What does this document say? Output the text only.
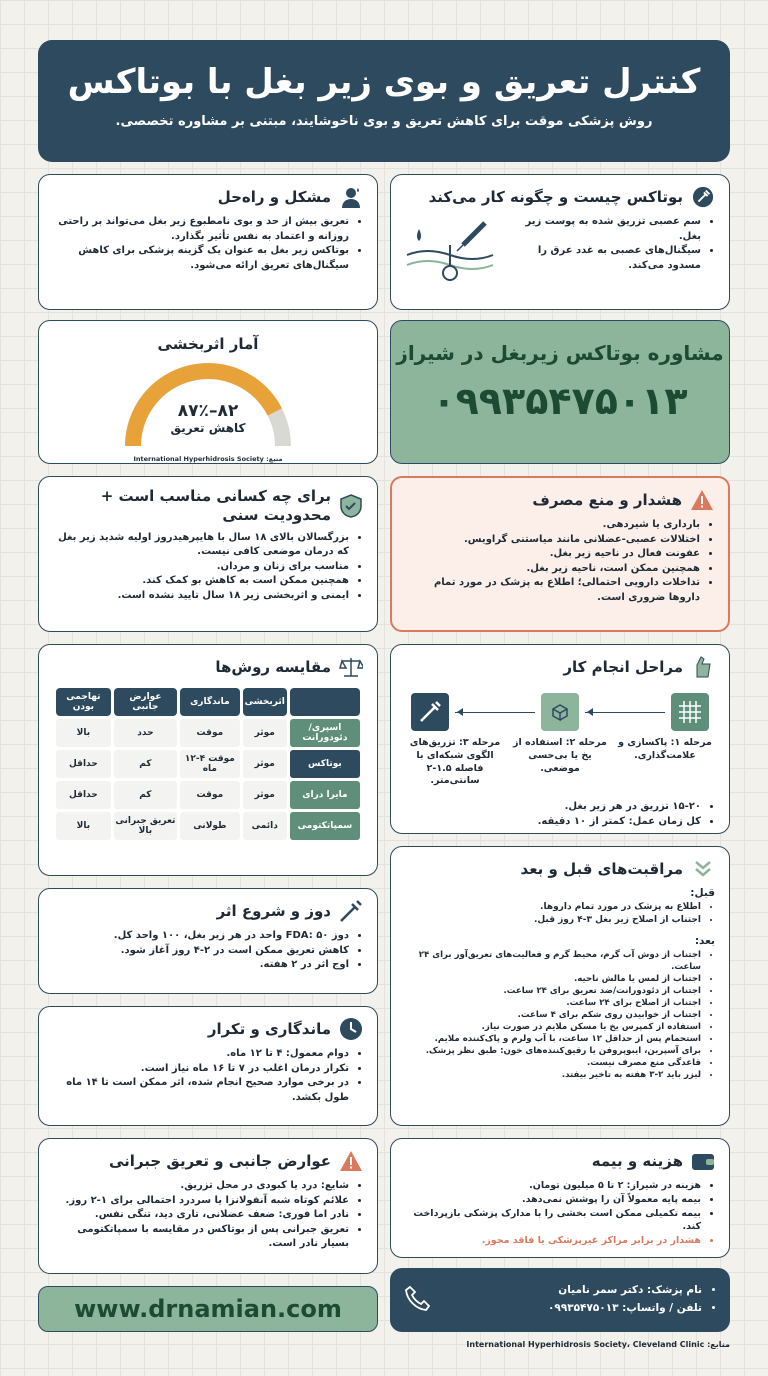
کنترل تعریق و بوی زیر بغل با بوتاکس

روش پزشکی موقت برای کاهش تعریق و بوی ناخوشایند، مبتنی بر مشاوره تخصصی.

بوتاکس چیست و چگونه کار می‌کند
• سم عصبی تزریق شده به پوست زیر بغل.
• سیگنال‌های عصبی به غدد عرق را مسدود می‌کند.
مشکل و راه‌حل
• تعریق بیش از حد و بوی نامطبوع زیر بغل می‌تواند بر راحتی روزانه و اعتماد به نفس تأثیر بگذارد.
• بوتاکس زیر بغل به عنوان یک گزینه پزشکی برای کاهش سیگنال‌های تعریق ارائه می‌شود.
مشاوره بوتاکس زیربغل در شیراز
۰۹۹۳۵۴۷۵۰۱۳
آمار اثربخشی
۸۲–۸۷٪
کاهش تعریق
International Hyperhidrosis Society :منبع
هشدار و منع مصرف
• بارداری یا شیردهی.
• اختلالات عصبی-عضلانی مانند میاستنی گراویس.
• عفونت فعال در ناحیه زیر بغل.
• همچنین ممکن است، ناحیه زیر بغل.
• تداخلات دارویی احتمالی؛ اطلاع به پزشک در مورد تمام داروها ضروری است.
برای چه کسانی مناسب است + محدودیت سنی
• بزرگسالان بالای ۱۸ سال با هایپرهیدروز اولیه شدید زیر بغل که درمان موضعی کافی نیست.
• مناسب برای زنان و مردان.
• همچنین ممکن است به کاهش بو کمک کند.
• ایمنی و اثربخشی زیر ۱۸ سال تایید نشده است.
مراحل انجام کار
مرحله ۱: پاکسازی و علامت‌گذاری.
مرحله ۲: استفاده از یخ یا بی‌حسی موضعی.
مرحله ۳: تزریق‌های الگوی شبکه‌ای با فاصله ۱.۵-۲ سانتی‌متر.
• ۱۵-۲۰ تزریق در هر زیر بغل.
• کل زمان عمل: کمتر از ۱۰ دقیقه.
مقایسه روش‌ها
	اثربخشی	ماندگاری	عوارض جانبی	تهاجمی بودن
اسپری/دئودورانت	موثر	موقت	حدد	بالا
بوتاکس	موثر	موقت ۴-۱۲ ماه	کم	حداقل
مایرا درای	موثر	موقت	کم	حداقل
سمپاتکتومی	دائمی	طولانی	تعریق جبرانی بالا	بالا
مراقبت‌های قبل و بعد
قبل:
• اطلاع به پزشک در مورد تمام داروها.
• اجتناب از اصلاح زیر بغل ۳-۴ روز قبل.
بعد:
• اجتناب از دوش آب گرم، محیط گرم و فعالیت‌های تعریق‌آور برای ۲۴ ساعت.
• اجتناب از لمس یا مالش ناحیه.
• اجتناب از دئودورانت/ضد تعریق برای ۲۴ ساعت.
• اجتناب از اصلاح برای ۲۴ ساعت.
• اجتناب از خوابیدن روی شکم برای ۴ ساعت.
• استفاده از کمپرس یخ یا مسکن ملایم در صورت نیاز.
• استحمام پس از حداقل ۱۲ ساعت، با آب ولرم و پاک‌کننده ملایم.
• برای آسپرین، ایبوپروفن یا رقیق‌کننده‌های خون: طبق نظر پزشک.
• قاعدگی منع مصرف نیست.
• لیزر باید ۲-۳ هفته به تاخیر بیفتد.
دوز و شروع اثر
• دوز FDA: ۵۰ واحد در هر زیر بغل، ۱۰۰ واحد کل.
• کاهش تعریق ممکن است در ۲-۴ روز آغاز شود.
• اوج اثر در ۲ هفته.
ماندگاری و تکرار
• دوام معمول: ۴ تا ۱۲ ماه.
• تکرار درمان اغلب در ۷ تا ۱۶ ماه نیاز است.
• در برخی موارد صحیح انجام شده، اثر ممکن است تا ۱۴ ماه طول بکشد.
عوارض جانبی و تعریق جبرانی
• شایع: درد یا کبودی در محل تزریق.
• علائم کوتاه شبه آنفولانزا یا سردرد احتمالی برای ۱-۲ روز.
• نادر اما فوری: ضعف عضلانی، تاری دید، تنگی نفس.
• تعریق جبرانی پس از بوتاکس در مقایسه با سمپاتکتومی بسیار نادر است.
هزینه و بیمه
• هزینه در شیراز: ۲ تا ۵ میلیون تومان.
• بیمه پایه معمولاً آن را پوشش نمی‌دهد.
• بیمه تکمیلی ممکن است بخشی را با مدارک پزشکی بازپرداخت کند.
• هشدار در برابر مراکز غیرپزشکی یا فاقد مجوز.
www.drnamian.com
• نام پزشک: دکتر سمر نامیان
• تلفن / واتساپ: ۰۹۹۳۵۴۷۵۰۱۳
منابع: International Hyperhidrosis Society، Cleveland Clinic
